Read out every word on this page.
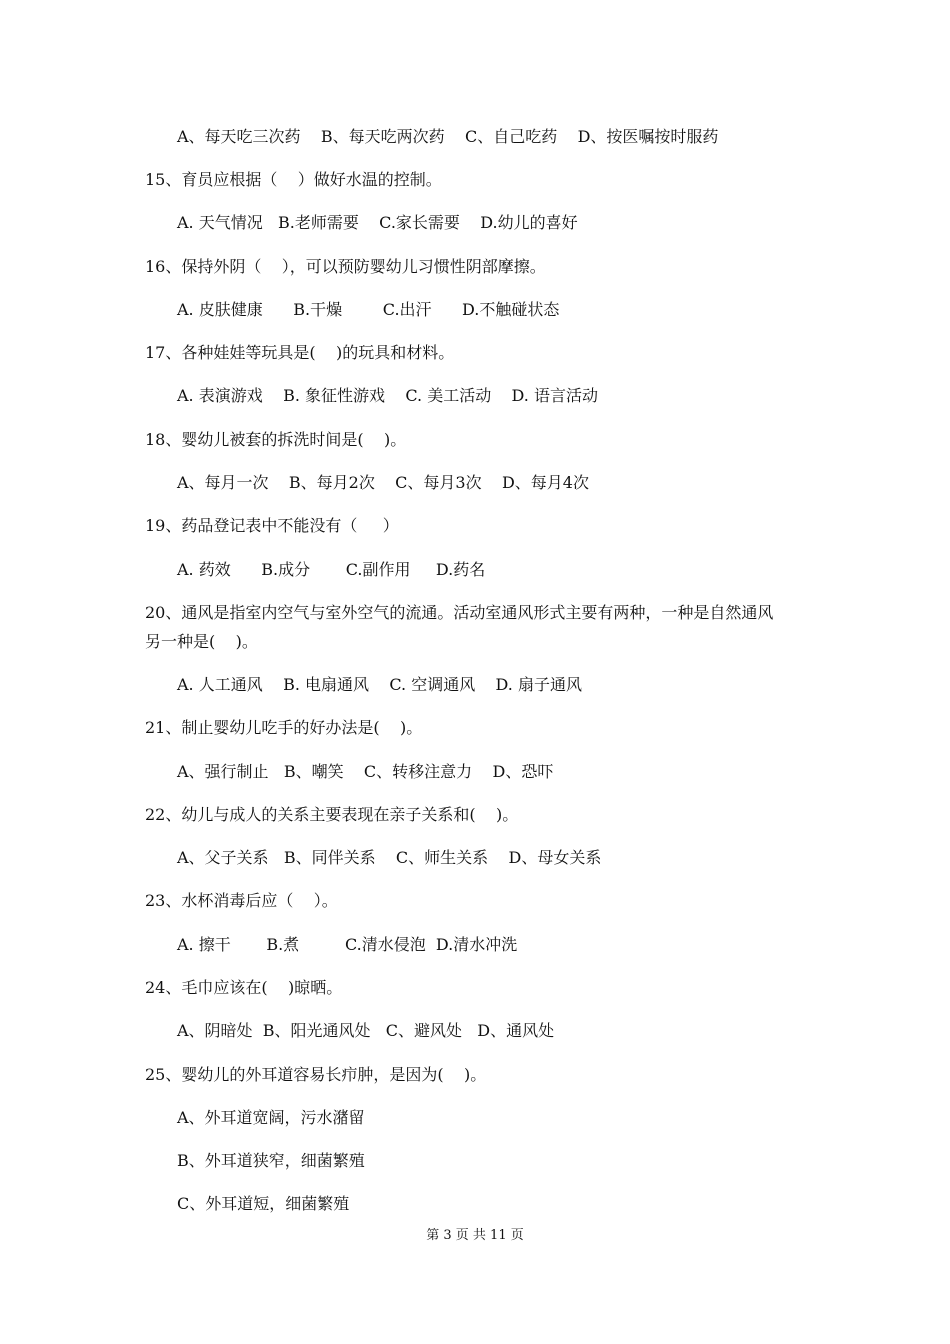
A、每天吃三次药    B、每天吃两次药    C、自己吃药    D、按医嘱按时服药
15、育员应根据（    ）做好水温的控制。
A. 天气情况   B.老师需要    C.家长需要    D.幼儿的喜好
16、保持外阴（    ），可以预防婴幼儿习惯性阴部摩擦。
A. 皮肤健康      B.干燥        C.出汗      D.不触碰状态
17、各种娃娃等玩具是(    )的玩具和材料。
A. 表演游戏    B. 象征性游戏    C. 美工活动    D. 语言活动
18、婴幼儿被套的拆洗时间是(    )。
A、每月一次    B、每月2次    C、每月3次    D、每月4次
19、药品登记表中不能没有（     ）
A. 药效      B.成分       C.副作用     D.药名
20、通风是指室内空气与室外空气的流通。活动室通风形式主要有两种，一种是自然通风
另一种是(    )。
A. 人工通风    B. 电扇通风    C. 空调通风    D. 扇子通风
21、制止婴幼儿吃手的好办法是(    )。
A、强行制止   B、嘲笑    C、转移注意力    D、恐吓
22、幼儿与成人的关系主要表现在亲子关系和(    )。
A、父子关系   B、同伴关系    C、师生关系    D、母女关系
23、水杯消毒后应（    ）。
A. 擦干       B.煮         C.清水侵泡  D.清水冲洗
24、毛巾应该在(    )晾晒。
A、阴暗处  B、阳光通风处   C、避风处   D、通风处
25、婴幼儿的外耳道容易长疖肿，是因为(    )。
A、外耳道宽阔，污水潴留
B、外耳道狭窄，细菌繁殖
C、外耳道短，细菌繁殖
第 3 页 共 11 页
